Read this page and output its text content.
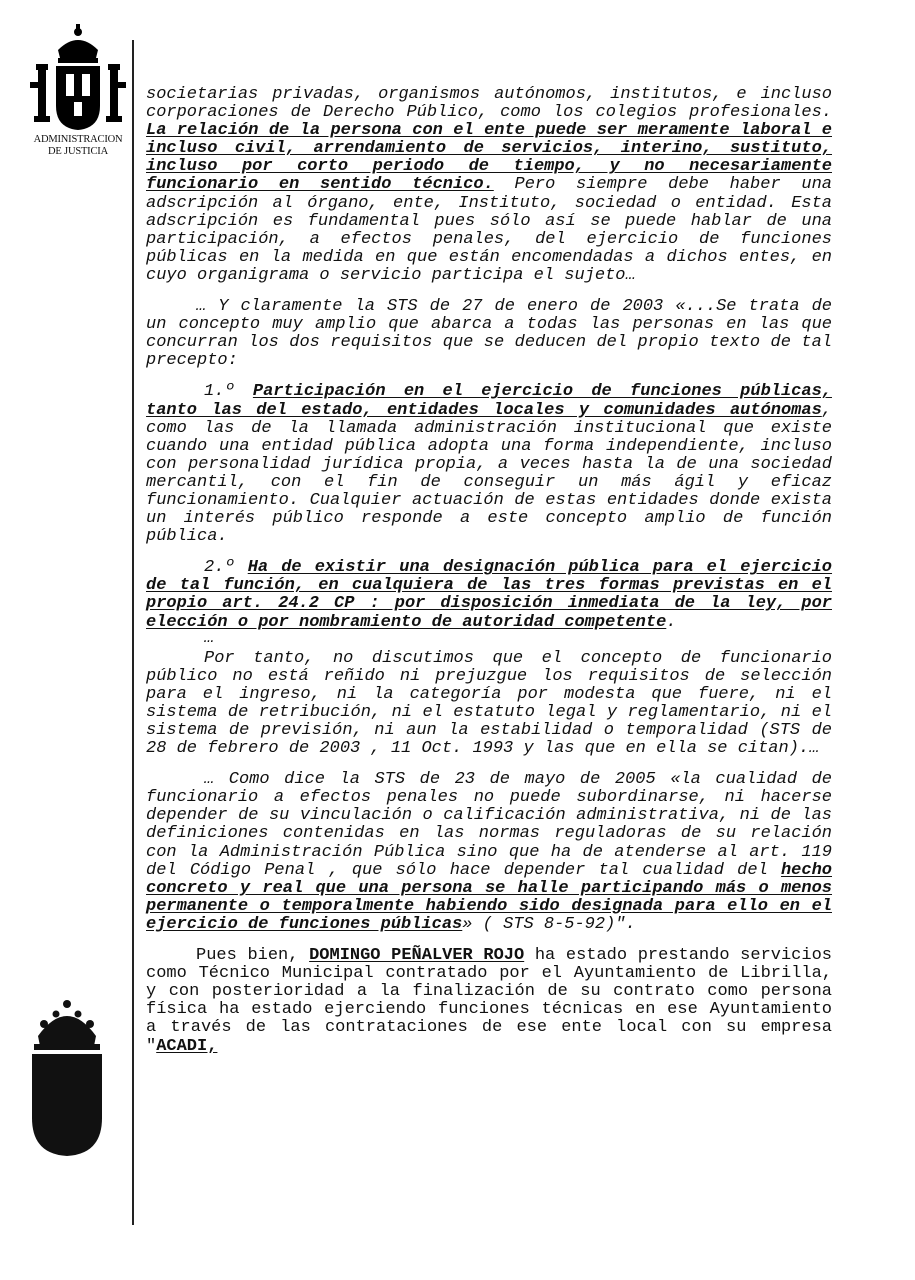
ADMINISTRACION
DE JUSTICIA

societarias privadas, organismos autónomos, institutos, e incluso corporaciones de Derecho Público, como los colegios profesionales. La relación de la persona con el ente puede ser meramente laboral e incluso civil, arrendamiento de servicios, interino, sustituto, incluso por corto periodo de tiempo, y no necesariamente funcionario en sentido técnico. Pero siempre debe haber una adscripción al órgano, ente, Instituto, sociedad o entidad. Esta adscripción es fundamental pues sólo así se puede hablar de una participación, a efectos penales, del ejercicio de funciones públicas en la medida en que están encomendadas a dichos entes, en cuyo organigrama o servicio participa el sujeto…

… Y claramente la STS de 27 de enero de 2003 «...Se trata de un concepto muy amplio que abarca a todas las personas en las que concurran los dos requisitos que se deducen del propio texto de tal precepto:

1.º Participación en el ejercicio de funciones públicas, tanto las del estado, entidades locales y comunidades autónomas, como las de la llamada administración institucional que existe cuando una entidad pública adopta una forma independiente, incluso con personalidad jurídica propia, a veces hasta la de una sociedad mercantil, con el fin de conseguir un más ágil y eficaz funcionamiento. Cualquier actuación de estas entidades donde exista un interés público responde a este concepto amplio de función pública.

2.º Ha de existir una designación pública para el ejercicio de tal función, en cualquiera de las tres formas previstas en el propio art. 24.2 CP : por disposición inmediata de la ley, por elección o por nombramiento de autoridad competente.
…

Por tanto, no discutimos que el concepto de funcionario público no está reñido ni prejuzgue los requisitos de selección para el ingreso, ni la categoría por modesta que fuere, ni el sistema de retribución, ni el estatuto legal y reglamentario, ni el sistema de previsión, ni aun la estabilidad o temporalidad (STS de 28 de febrero de 2003 , 11 Oct. 1993 y las que en ella se citan).…

… Como dice la STS de 23 de mayo de 2005 «la cualidad de funcionario a efectos penales no puede subordinarse, ni hacerse depender de su vinculación o calificación administrativa, ni de las definiciones contenidas en las normas reguladoras de su relación con la Administración Pública sino que ha de atenderse al art. 119 del Código Penal , que sólo hace depender tal cualidad del hecho concreto y real que una persona se halle participando más o menos permanente o temporalmente habiendo sido designada para ello en el ejercicio de funciones públicas» ( STS 8-5-92)".

Pues bien, DOMINGO PEÑALVER ROJO ha estado prestando servicios como Técnico Municipal contratado por el Ayuntamiento de Librilla, y con posterioridad a la finalización de su contrato como persona física ha estado ejerciendo funciones técnicas en ese Ayuntamiento a través de las contrataciones de ese ente local con su empresa "ACADI,
